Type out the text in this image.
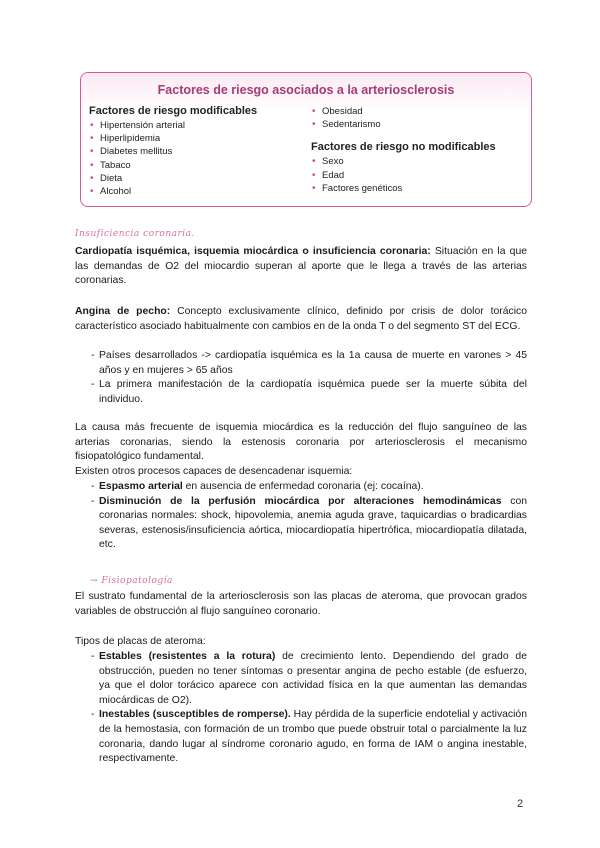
Factores de riesgo asociados a la arteriosclerosis
Factores de riesgo modificables
• Hipertensión arterial
• Hiperlipidemia
• Diabetes mellitus
• Tabaco
• Dieta
• Alcohol
• Obesidad
• Sedentarismo
Factores de riesgo no modificables
• Sexo
• Edad
• Factores genéticos
Insuficiencia coronaria.

Cardiopatía isquémica, isquemia miocárdica o insuficiencia coronaria: Situación en la que las demandas de O2 del miocardio superan al aporte que le llega a través de las arterias coronarias.

Angina de pecho: Concepto exclusivamente clínico, definido por crisis de dolor torácico característico asociado habitualmente con cambios en de la onda T o del segmento ST del ECG.

- Países desarrollados -> cardiopatía isquémica es la 1a causa de muerte en varones > 45 años y en mujeres > 65 años
- La primera manifestación de la cardiopatía isquémica puede ser la muerte súbita del individuo.

La causa más frecuente de isquemia miocárdica es la reducción del flujo sanguíneo de las arterias coronarias, siendo la estenosis coronaria por arteriosclerosis el mecanismo fisiopatológico fundamental.

Existen otros procesos capaces de desencadenar isquemia:

- Espasmo arterial en ausencia de enfermedad coronaria (ej: cocaína).
- Disminución de la perfusión miocárdica por alteraciones hemodinámicas con coronarias normales: shock, hipovolemia, anemia aguda grave, taquicardias o bradicardias severas, estenosis/insuficiencia aórtica, miocardiopatía hipertrófica, miocardiopatía dilatada, etc.
→ Fisiopatología

El sustrato fundamental de la arteriosclerosis son las placas de ateroma, que provocan grados variables de obstrucción al flujo sanguíneo coronario.

Tipos de placas de ateroma:

- Estables (resistentes a la rotura) de crecimiento lento. Dependiendo del grado de obstrucción, pueden no tener síntomas o presentar angina de pecho estable (de esfuerzo, ya que el dolor torácico aparece con actividad física en la que aumentan las demandas miocárdicas de O2).
- Inestables (susceptibles de romperse). Hay pérdida de la superficie endotelial y activación de la hemostasia, con formación de un trombo que puede obstruir total o parcialmente la luz coronaria, dando lugar al síndrome coronario agudo, en forma de IAM o angina inestable, respectivamente.
2
